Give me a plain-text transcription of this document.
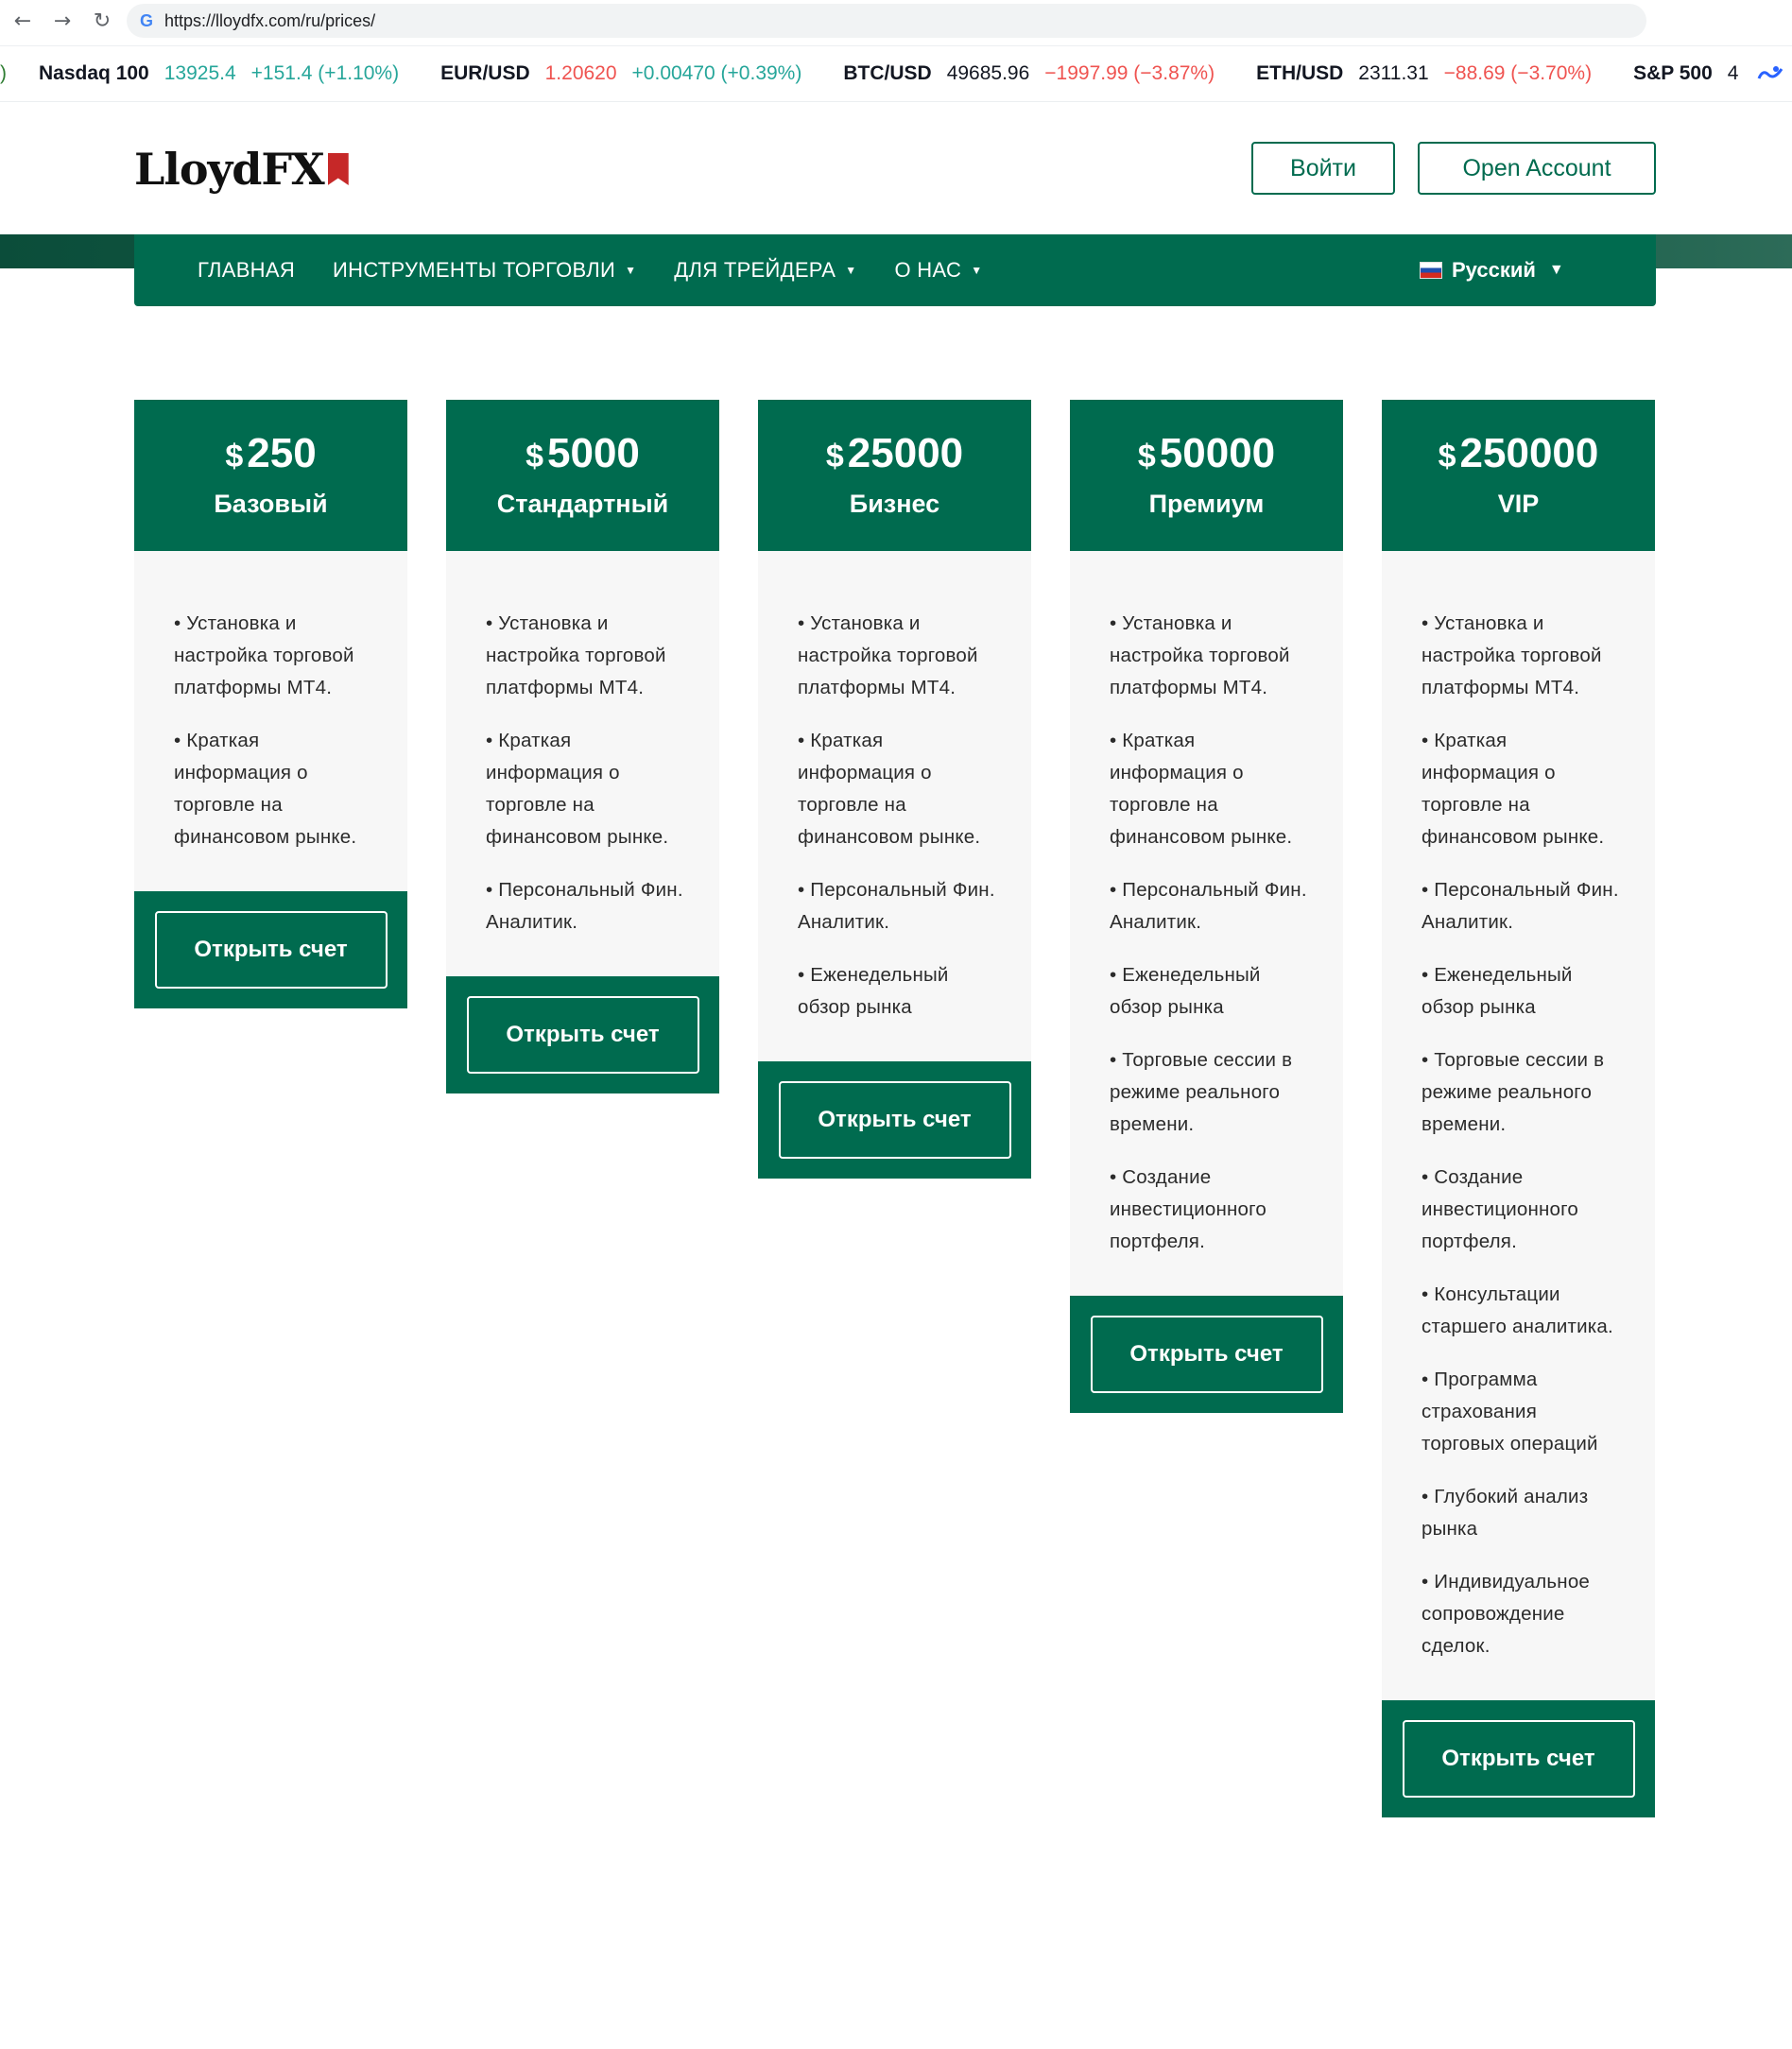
←	→	↻	G https://lloydfx.com/ru/prices/
) Nasdaq 100 13925.4 +151.4 (+1.10%) EUR/USD 1.20620 +0.00470 (+0.39%) BTC/USD 49685.96 −1997.99 (−3.87%) ETH/USD 2311.31 −88.69 (−3.70%) S&P 500 4
LloydFX	Войти	Open Account
ГЛАВНАЯ ИНСТРУМЕНТЫ ТОРГОВЛИ ▼ ДЛЯ ТРЕЙДЕРА ▼ О НАС ▼	Русский ▼
$ 250
Базовый
• Установка и настройка торговой платформы МТ4.
• Краткая информация о торговле на финансовом рынке.
Открыть счет
$ 5000
Стандартный
• Установка и настройка торговой платформы МТ4.
• Краткая информация о торговле на финансовом рынке.
• Персональный Фин. Аналитик.
Открыть счет
$ 25000
Бизнес
• Установка и настройка торговой платформы МТ4.
• Краткая информация о торговле на финансовом рынке.
• Персональный Фин. Аналитик.
• Еженедельный обзор рынка
Открыть счет
$ 50000
Премиум
• Установка и настройка торговой платформы МТ4.
• Краткая информация о торговле на финансовом рынке.
• Персональный Фин. Аналитик.
• Еженедельный обзор рынка
• Торговые сессии в режиме реального времени.
• Создание инвестиционного портфеля.
Открыть счет
$ 250000
VIP
• Установка и настройка торговой платформы МТ4.
• Краткая информация о торговле на финансовом рынке.
• Персональный Фин. Аналитик.
• Еженедельный обзор рынка
• Торговые сессии в режиме реального времени.
• Создание инвестиционного портфеля.
• Консультации старшего аналитика.
• Программа страхования торговых операций
• Глубокий анализ рынка
• Индивидуальное сопровождение сделок.
Открыть счет
